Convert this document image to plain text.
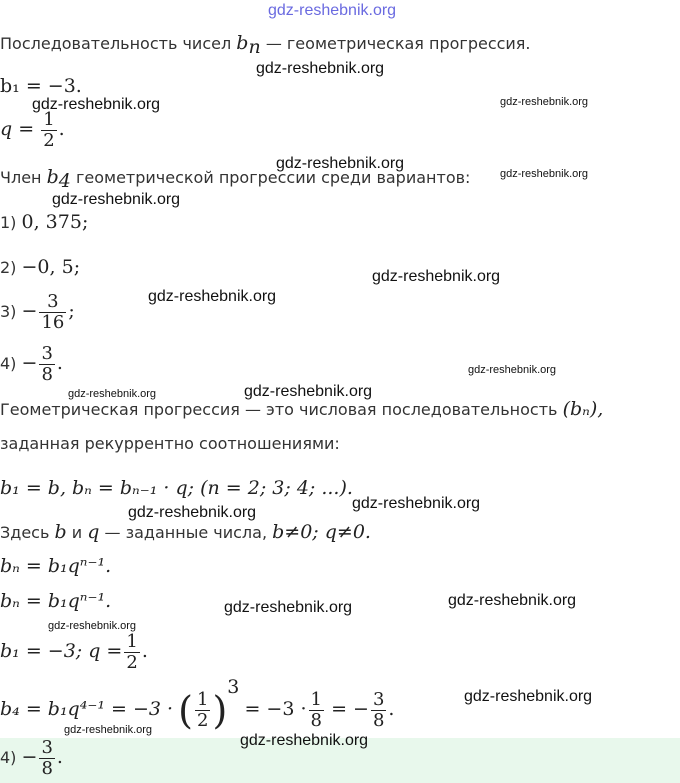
gdz-reshebnik.org
gdz-reshebnik.org
gdz-reshebnik.org	gdz-reshebnik.org
gdz-reshebnik.org
gdz-reshebnik.org
gdz-reshebnik.org
gdz-reshebnik.org
gdz-reshebnik.org
gdz-reshebnik.org
gdz-reshebnik.org	gdz-reshebnik.org
gdz-reshebnik.org
gdz-reshebnik.org
gdz-reshebnik.org	gdz-reshebnik.org
gdz-reshebnik.org
gdz-reshebnik.org
gdz-reshebnik.org
gdz-reshebnik.org
Последовательность чисел $b_n$ — геометрическая прогрессия.
b₁ = −3.
$q = \frac{1}{2}$ .
Член $b_4$ геометрической прогрессии среди вариантов:
1) 0, 375;
2) −0, 5;
$3) - \frac{3}{16}$ ;
$4) - \frac{3}{8}$ .
Геометрическая прогрессия — это числовая последовательность (bₙ),
заданная рекуррентно соотношениями:
b₁ = b, bₙ = bₙ₋₁ · q; (n = 2; 3; 4; ...).
Здесь b и q — заданные числа, b≠0; q≠0.
bₙ = b₁qⁿ⁻¹.
bₙ = b₁qⁿ⁻¹.
b₁ = −3; $q = \frac{1}{2}$ .
b₄ = b₁q⁴⁻¹ = −3 · ( $\frac{1}{2} )^3 = -3 \cdot \frac{1}{8}$ = − $\frac{3}{8}$ .
$4) - \frac{3}{8}$ .
